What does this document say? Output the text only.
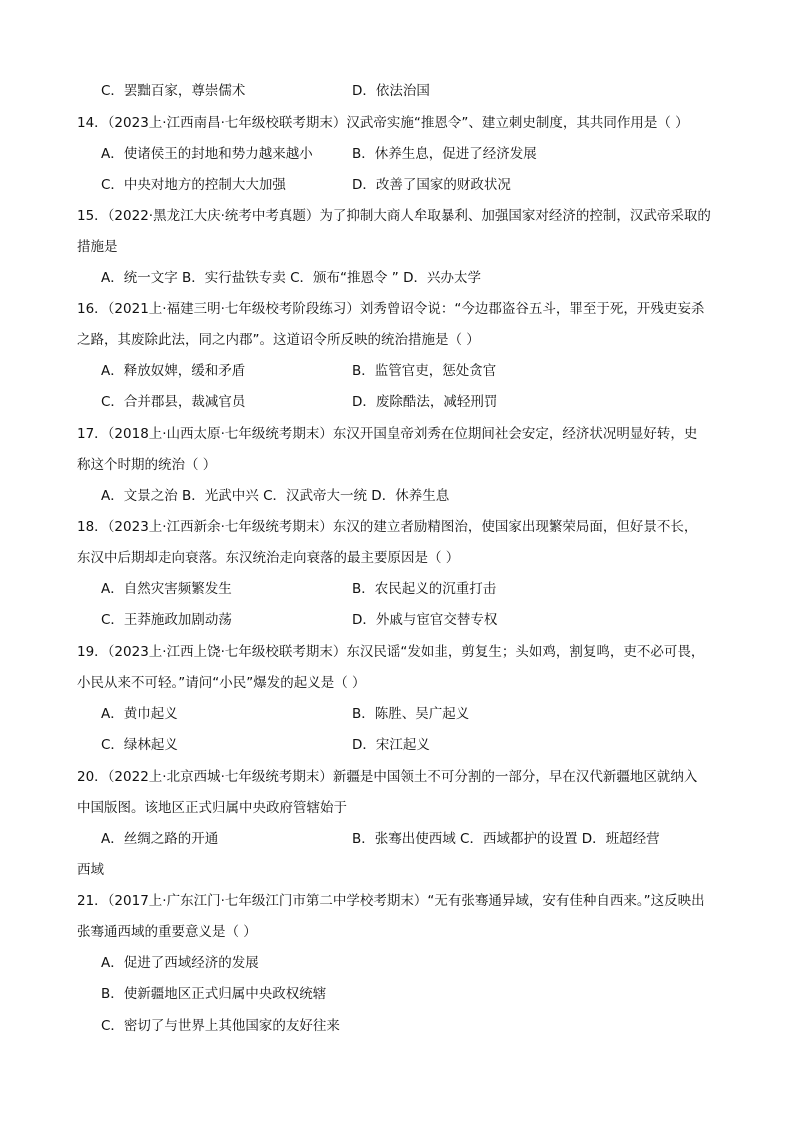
C．罢黜百家，尊崇儒术	D．依法治国
14．（2023上·江西南昌·七年级校联考期末）汉武帝实施“推恩令”、建立刺史制度，其共同作用是（ ）
A．使诸侯王的封地和势力越来越小	B．休养生息，促进了经济发展
C．中央对地方的控制大大加强	D．改善了国家的财政状况
15．（2022·黑龙江大庆·统考中考真题）为了抑制大商人牟取暴利、加强国家对经济的控制，汉武帝采取的
措施是
A．统一文字 B．实行盐铁专卖 C．颁布“推恩令 ” D．兴办太学
16．（2021上·福建三明·七年级校考阶段练习）刘秀曾诏令说：“今边郡盗谷五斗，罪至于死，开残吏妄杀
之路，其废除此法，同之内郡”。这道诏令所反映的统治措施是（ ）
A．释放奴婢，缓和矛盾	B．监管官吏，惩处贪官
C．合并郡县，裁减官员	D．废除酷法，减轻刑罚
17．（2018上·山西太原·七年级统考期末）东汉开国皇帝刘秀在位期间社会安定，经济状况明显好转，史
称这个时期的统治（ ）
A．文景之治 B．光武中兴 C．汉武帝大一统 D．休养生息
18．（2023上·江西新余·七年级统考期末）东汉的建立者励精图治，使国家出现繁荣局面，但好景不长，
东汉中后期却走向衰落。东汉统治走向衰落的最主要原因是（ ）
A．自然灾害频繁发生	B．农民起义的沉重打击
C．王莽施政加剧动荡	D．外戚与宦官交替专权
19．（2023上·江西上饶·七年级校联考期末）东汉民谣“发如韭，剪复生；头如鸡，割复鸣，吏不必可畏，
小民从来不可轻。”请问“小民”爆发的起义是（ ）
A．黄巾起义	B．陈胜、吴广起义
C．绿林起义	D．宋江起义
20．（2022上·北京西城·七年级统考期末）新疆是中国领土不可分割的一部分，早在汉代新疆地区就纳入
中国版图。该地区正式归属中央政府管辖始于
A．丝绸之路的开通	B．张骞出使西域 C．西域都护的设置 D．班超经营
西域
21．（2017上·广东江门·七年级江门市第二中学校考期末）“无有张骞通异域，安有佳种自西来。”这反映出
张骞通西域的重要意义是（ ）
A．促进了西域经济的发展
B．使新疆地区正式归属中央政权统辖
C．密切了与世界上其他国家的友好往来
